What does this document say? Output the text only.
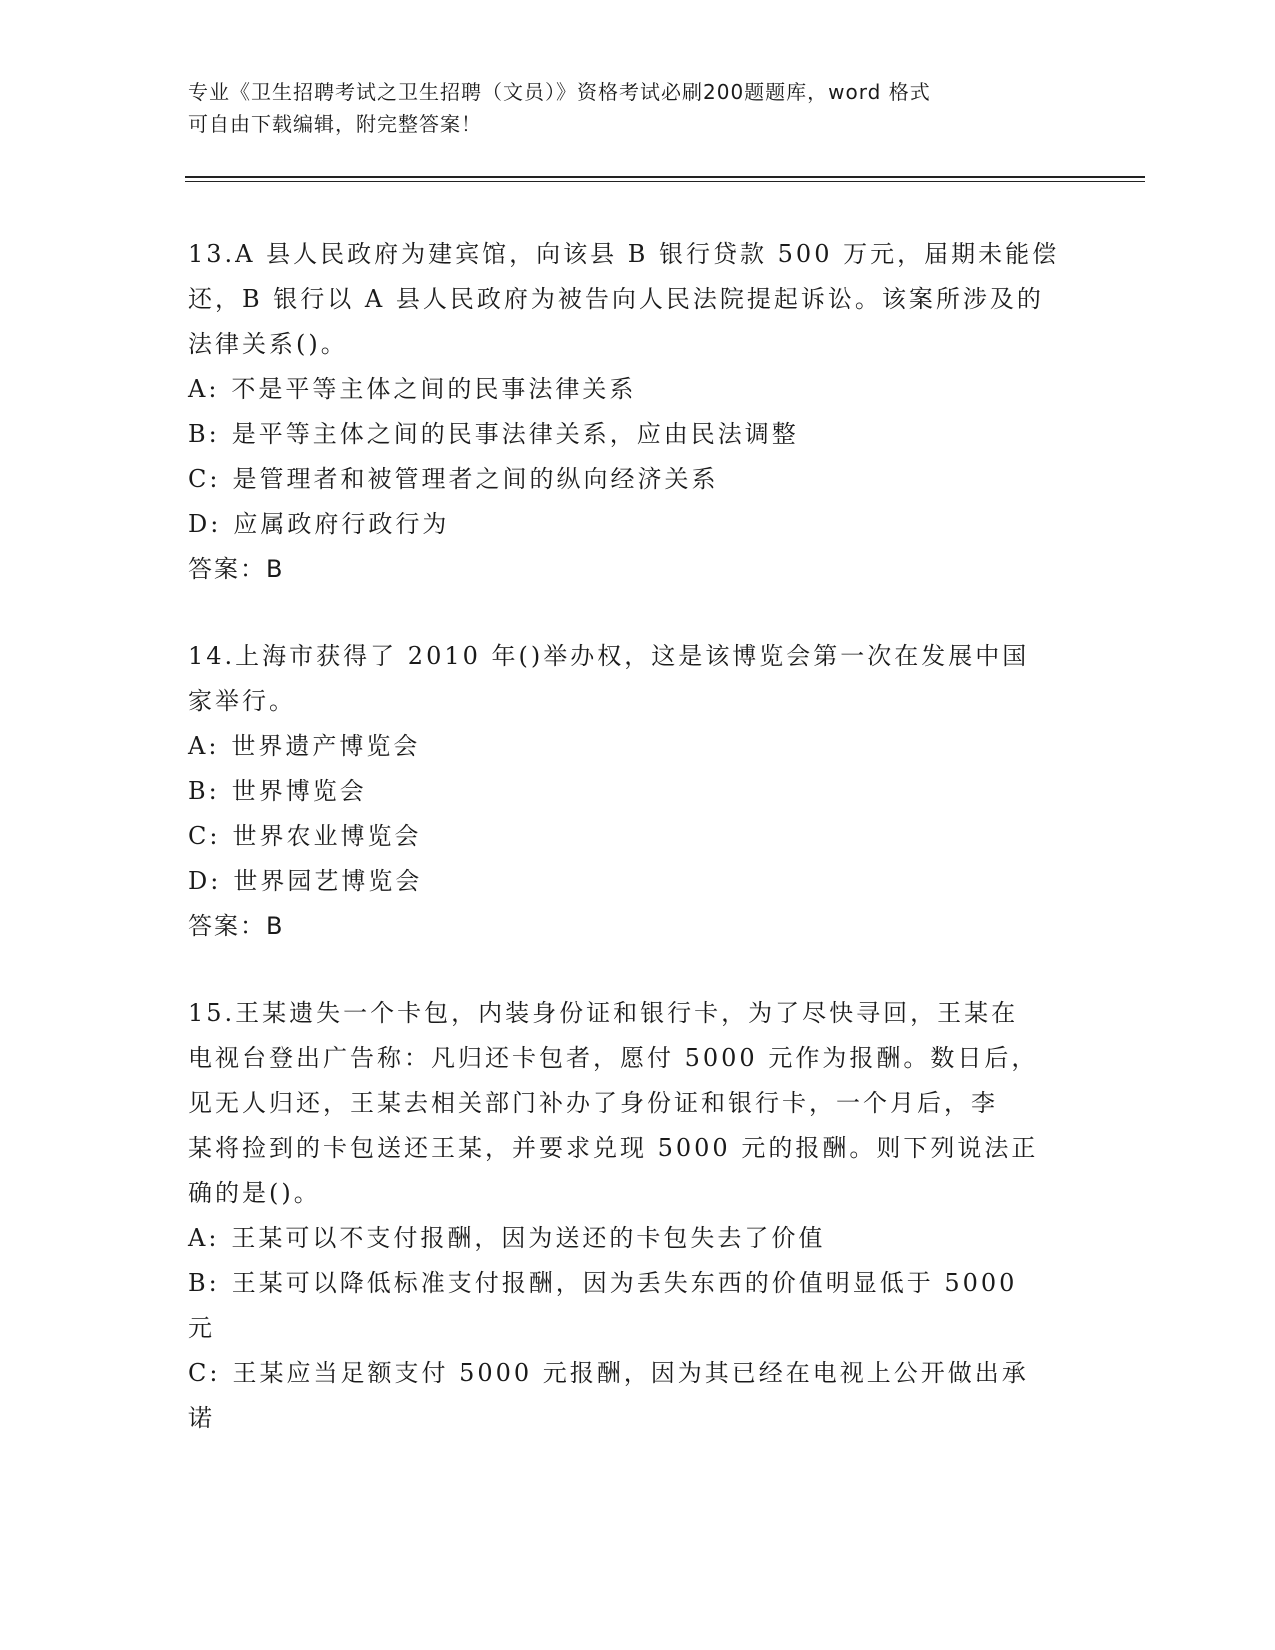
专业《卫生招聘考试之卫生招聘（文员）》资格考试必刷200题题库，word 格式
可自由下载编辑，附完整答案！
13.A 县人民政府为建宾馆，向该县 B 银行贷款 500 万元，届期未能偿
还，B 银行以 A 县人民政府为被告向人民法院提起诉讼。该案所涉及的
法律关系()。
A: 不是平等主体之间的民事法律关系
B: 是平等主体之间的民事法律关系，应由民法调整
C: 是管理者和被管理者之间的纵向经济关系
D: 应属政府行政行为
答案：B
14.上海市获得了 2010 年()举办权，这是该博览会第一次在发展中国
家举行。
A: 世界遗产博览会
B: 世界博览会
C: 世界农业博览会
D: 世界园艺博览会
答案：B
15.王某遗失一个卡包，内装身份证和银行卡，为了尽快寻回，王某在
电视台登出广告称：凡归还卡包者，愿付 5000 元作为报酬。数日后，
见无人归还，王某去相关部门补办了身份证和银行卡，一个月后，李
某将捡到的卡包送还王某，并要求兑现 5000 元的报酬。则下列说法正
确的是()。
A: 王某可以不支付报酬，因为送还的卡包失去了价值
B: 王某可以降低标准支付报酬，因为丢失东西的价值明显低于 5000
元
C: 王某应当足额支付 5000 元报酬，因为其已经在电视上公开做出承
诺
